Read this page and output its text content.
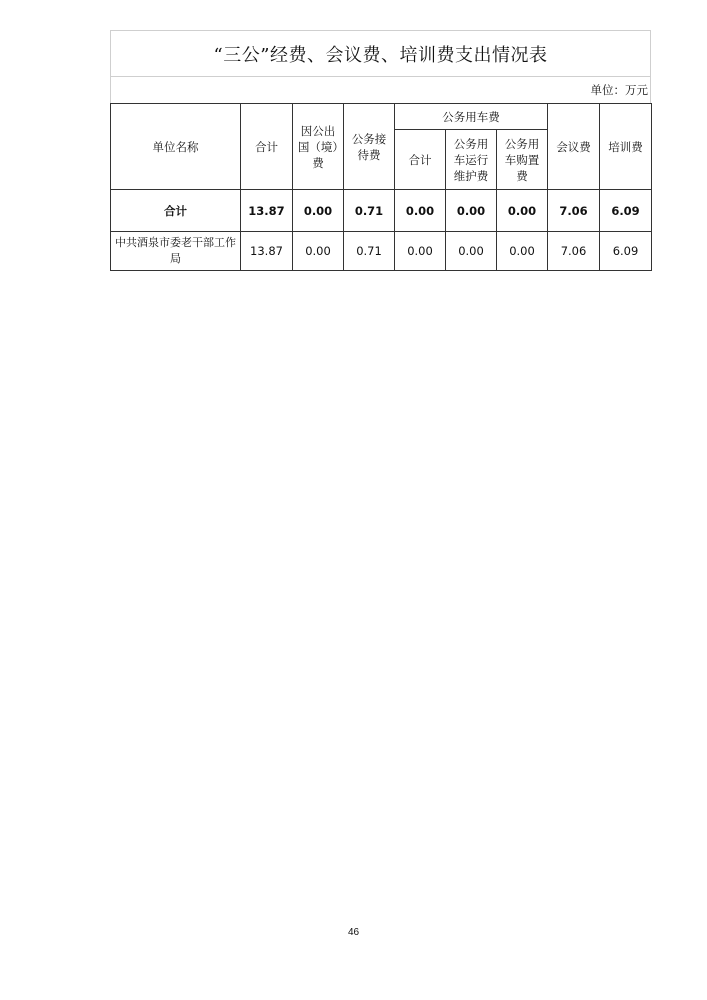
“三公”经费、会议费、培训费支出情况表
单位：万元
单位名称	合计	因公出国（境）费	公务接待费	公务用车费			会议费	培训费
				合计	公务用车运行维护费	公务用车购置费		
合计	13.87	0.00	0.71	0.00	0.00	0.00	7.06	6.09
中共酒泉市委老干部工作局	13.87	0.00	0.71	0.00	0.00	0.00	7.06	6.09
46
